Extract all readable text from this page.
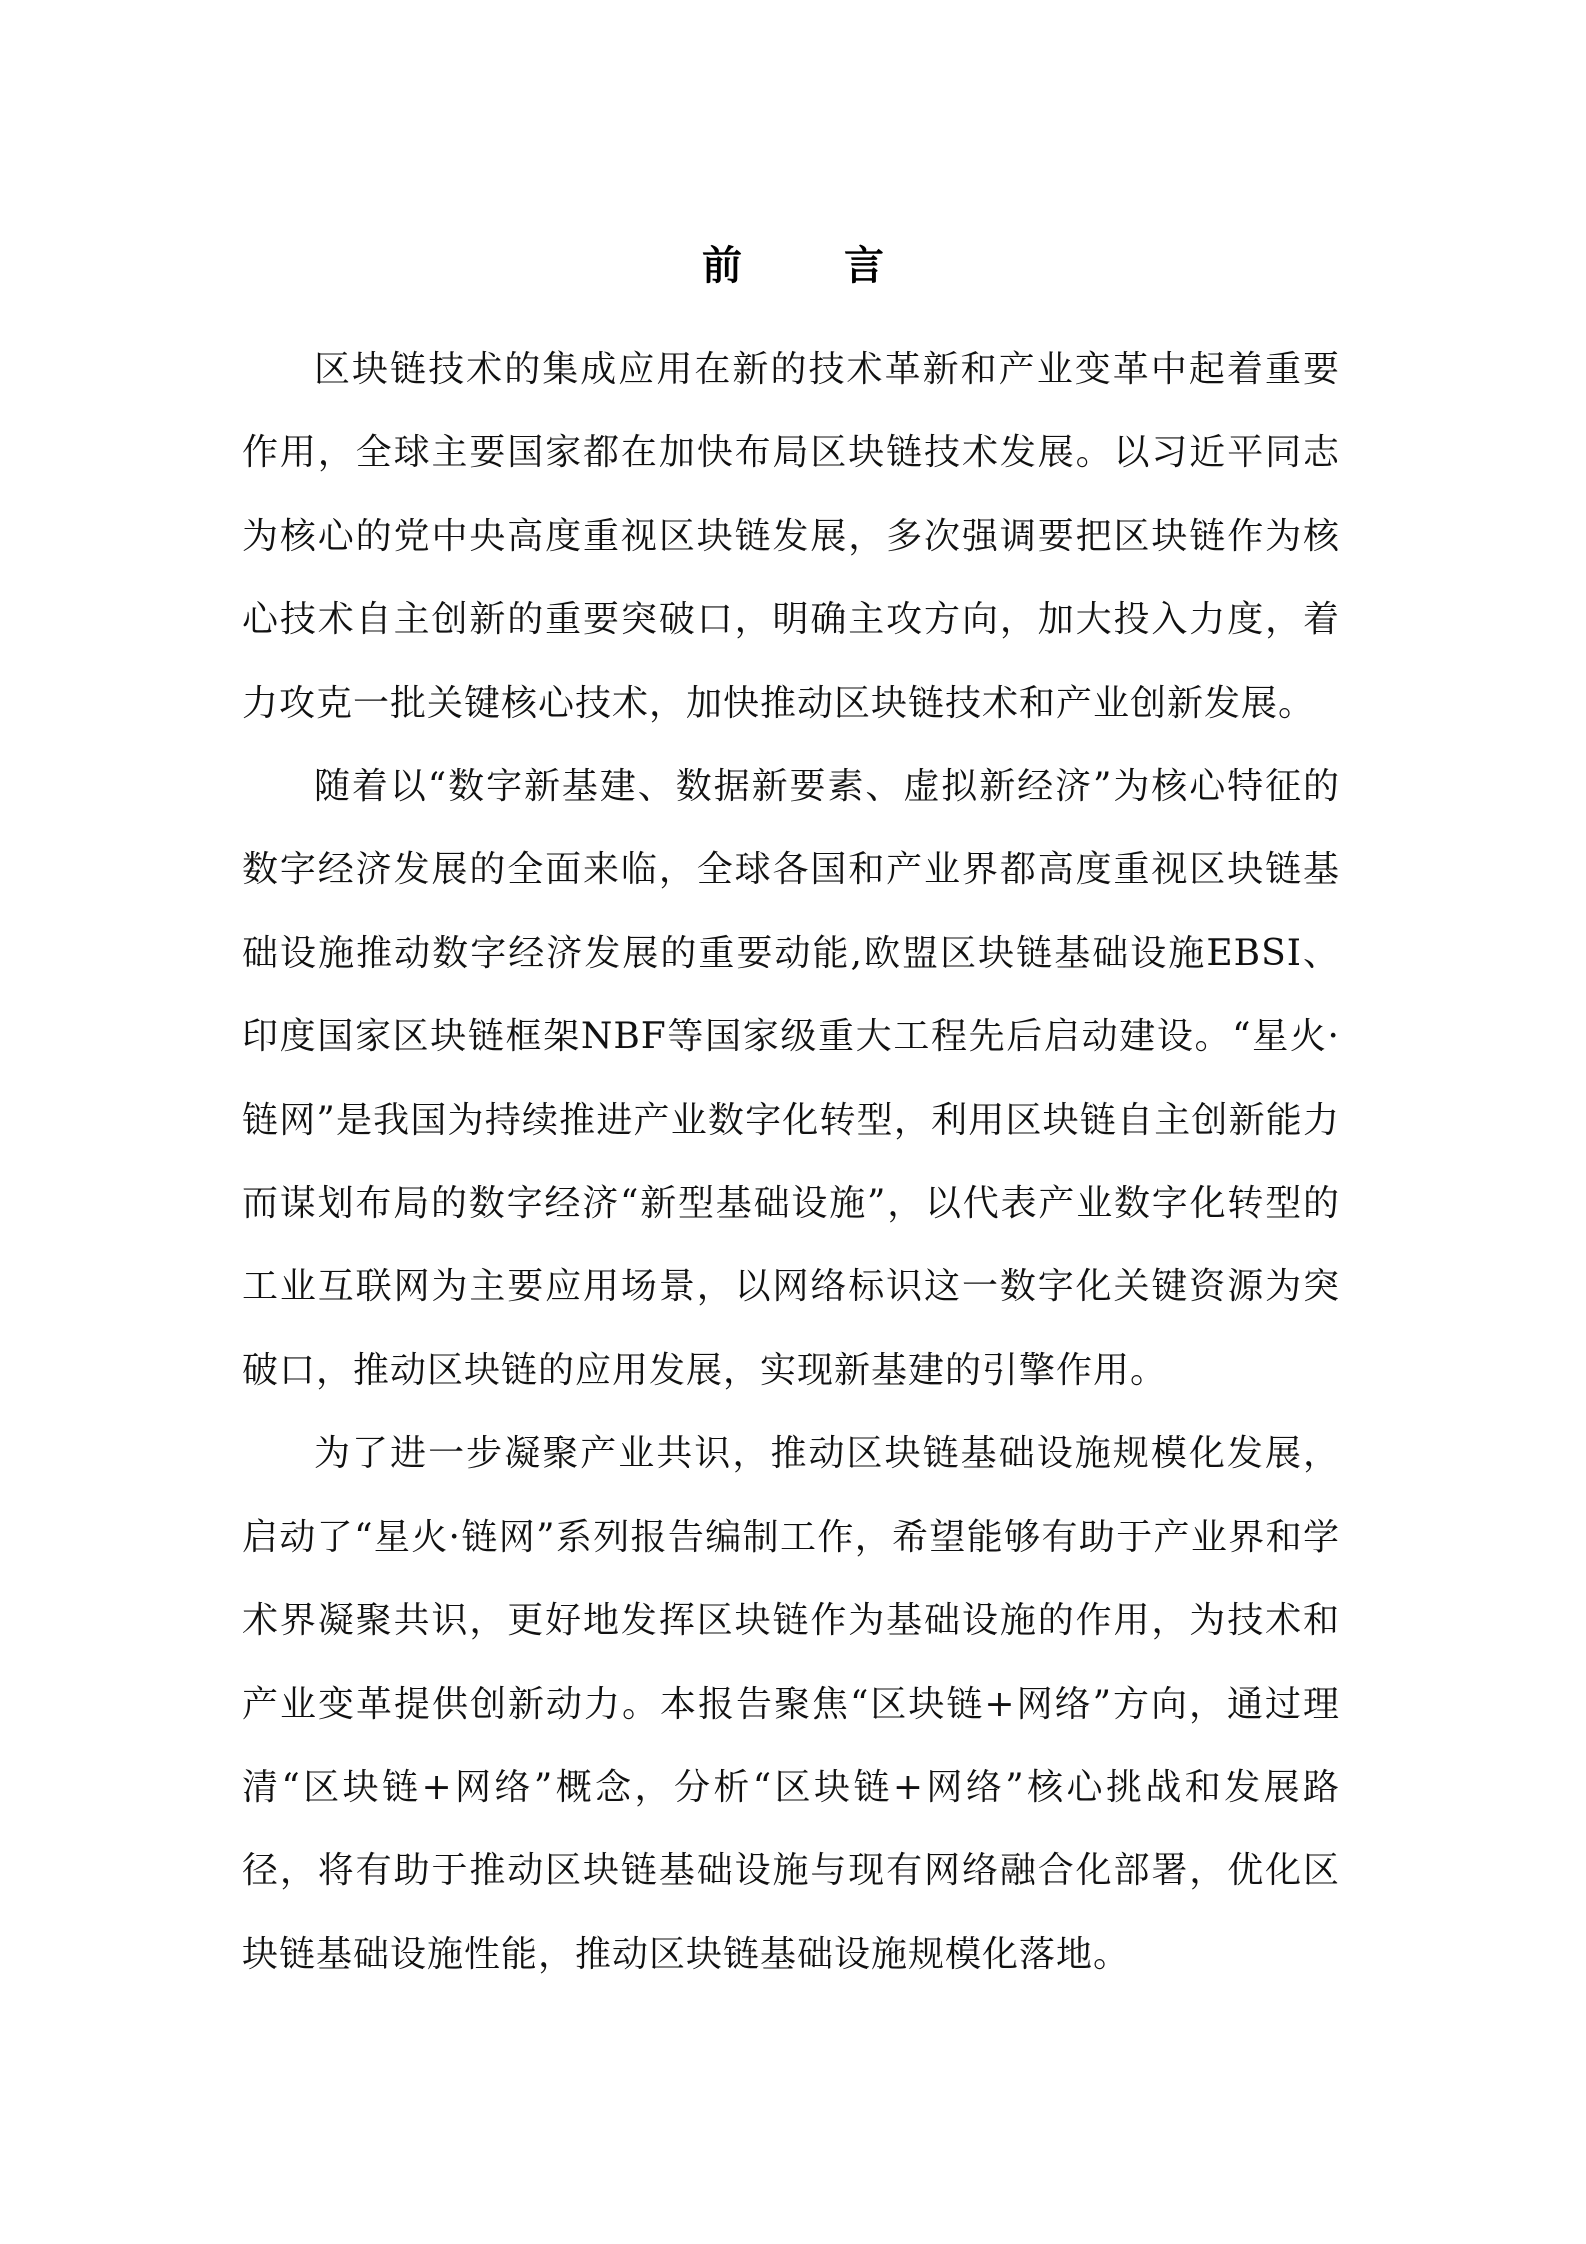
前 言

区块链技术的集成应用在新的技术革新和产业变革中起着重要作用，全球主要国家都在加快布局区块链技术发展。以习近平同志为核心的党中央高度重视区块链发展，多次强调要把区块链作为核心技术自主创新的重要突破口，明确主攻方向，加大投入力度，着力攻克一批关键核心技术，加快推动区块链技术和产业创新发展。

随着以“数字新基建、数据新要素、虚拟新经济”为核心特征的数字经济发展的全面来临，全球各国和产业界都高度重视区块链基础设施推动数字经济发展的重要动能,欧盟区块链基础设施EBSI、印度国家区块链框架NBF等国家级重大工程先后启动建设。“星火·链网”是我国为持续推进产业数字化转型，利用区块链自主创新能力而谋划布局的数字经济“新型基础设施”，以代表产业数字化转型的工业互联网为主要应用场景，以网络标识这一数字化关键资源为突破口，推动区块链的应用发展，实现新基建的引擎作用。

为了进一步凝聚产业共识，推动区块链基础设施规模化发展，启动了“星火·链网”系列报告编制工作，希望能够有助于产业界和学术界凝聚共识，更好地发挥区块链作为基础设施的作用，为技术和产业变革提供创新动力。本报告聚焦“区块链+网络”方向，通过理清“区块链+网络”概念，分析“区块链+网络”核心挑战和发展路径，将有助于推动区块链基础设施与现有网络融合化部署，优化区块链基础设施性能，推动区块链基础设施规模化落地。
